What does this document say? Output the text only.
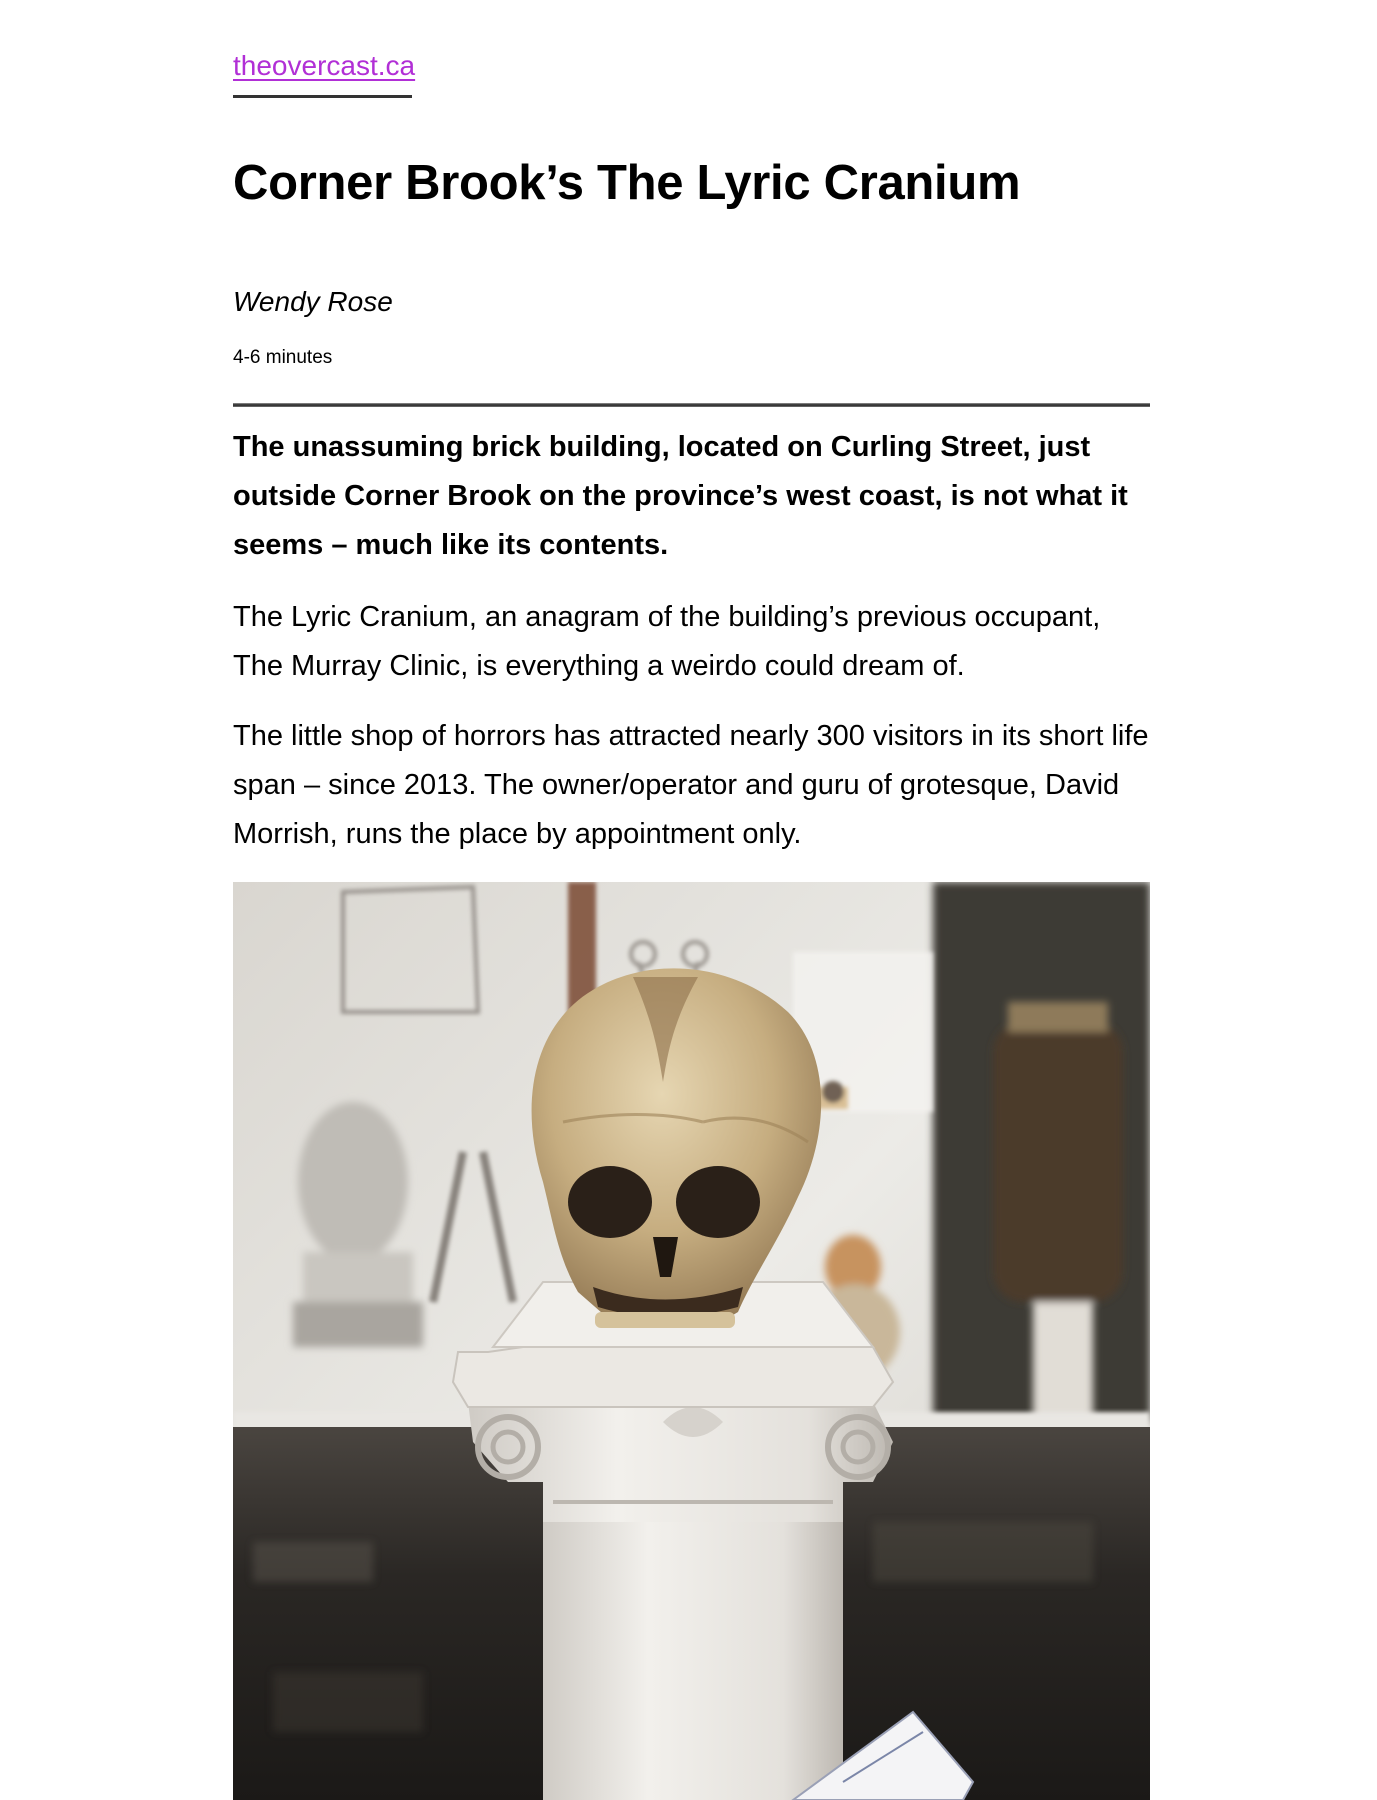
theovercast.ca
Corner Brook’s The Lyric Cranium
Wendy Rose
4-6 minutes

The unassuming brick building, located on Curling Street, just outside Corner Brook on the province’s west coast, is not what it seems – much like its contents.

The Lyric Cranium, an anagram of the building’s previous occupant, The Murray Clinic, is everything a weirdo could dream of.

The little shop of horrors has attracted nearly 300 visitors in its short life span – since 2013. The owner/operator and guru of grotesque, David Morrish, runs the place by appointment only.
